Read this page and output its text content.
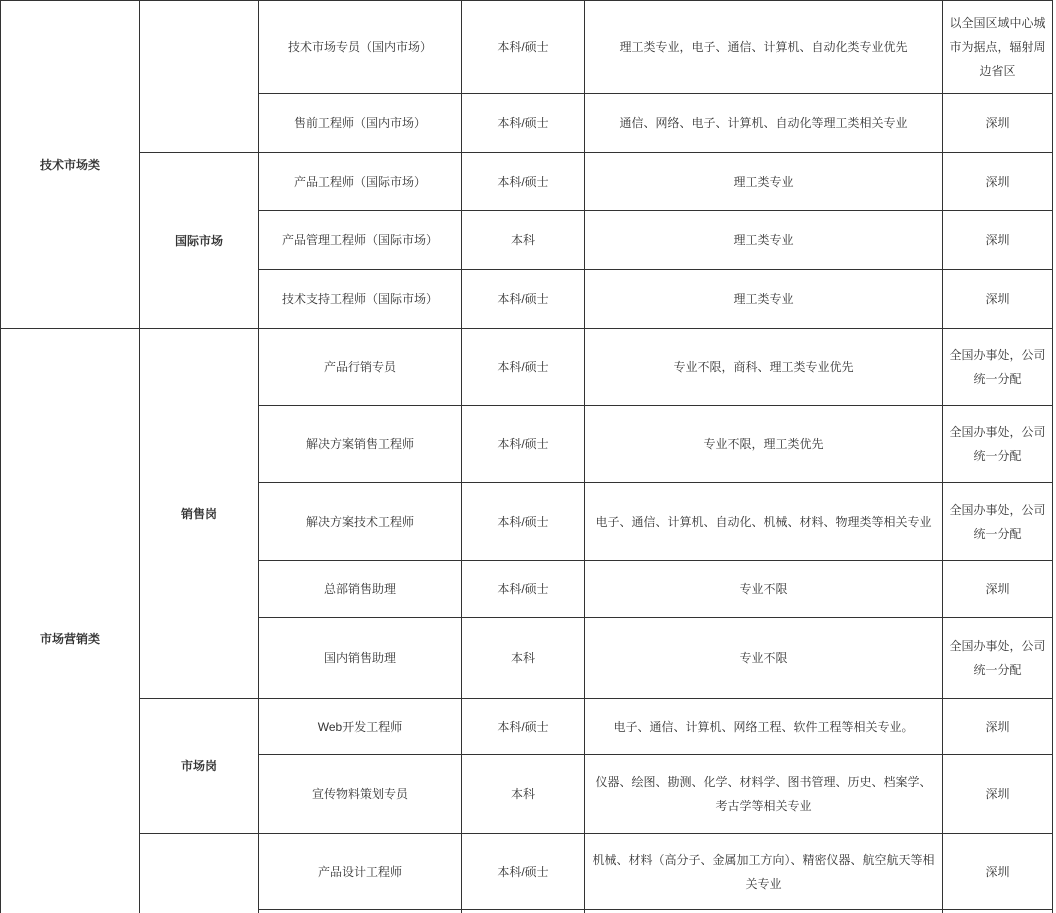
技术市场类		技术市场专员（国内市场）	本科/硕士	理工类专业，电子、通信、计算机、自动化类专业优先	以全国区域中心城市为据点，辐射周边省区
		售前工程师（国内市场）	本科/硕士	通信、网络、电子、计算机、自动化等理工类相关专业	深圳
	国际市场	产品工程师（国际市场）	本科/硕士	理工类专业	深圳
		产品管理工程师（国际市场）	本科	理工类专业	深圳
		技术支持工程师（国际市场）	本科/硕士	理工类专业	深圳
市场营销类	销售岗	产品行销专员	本科/硕士	专业不限，商科、理工类专业优先	全国办事处，公司统一分配
		解决方案销售工程师	本科/硕士	专业不限，理工类优先	全国办事处，公司统一分配
		解决方案技术工程师	本科/硕士	电子、通信、计算机、自动化、机械、材料、物理类等相关专业	全国办事处，公司统一分配
		总部销售助理	本科/硕士	专业不限	深圳
		国内销售助理	本科	专业不限	全国办事处，公司统一分配
	市场岗	Web开发工程师	本科/硕士	电子、通信、计算机、网络工程、软件工程等相关专业。	深圳
		宣传物料策划专员	本科	仪器、绘图、勘测、化学、材料学、图书管理、历史、档案学、考古学等相关专业	深圳
		产品设计工程师	本科/硕士	机械、材料（高分子、金属加工方向）、精密仪器、航空航天等相关专业	深圳
